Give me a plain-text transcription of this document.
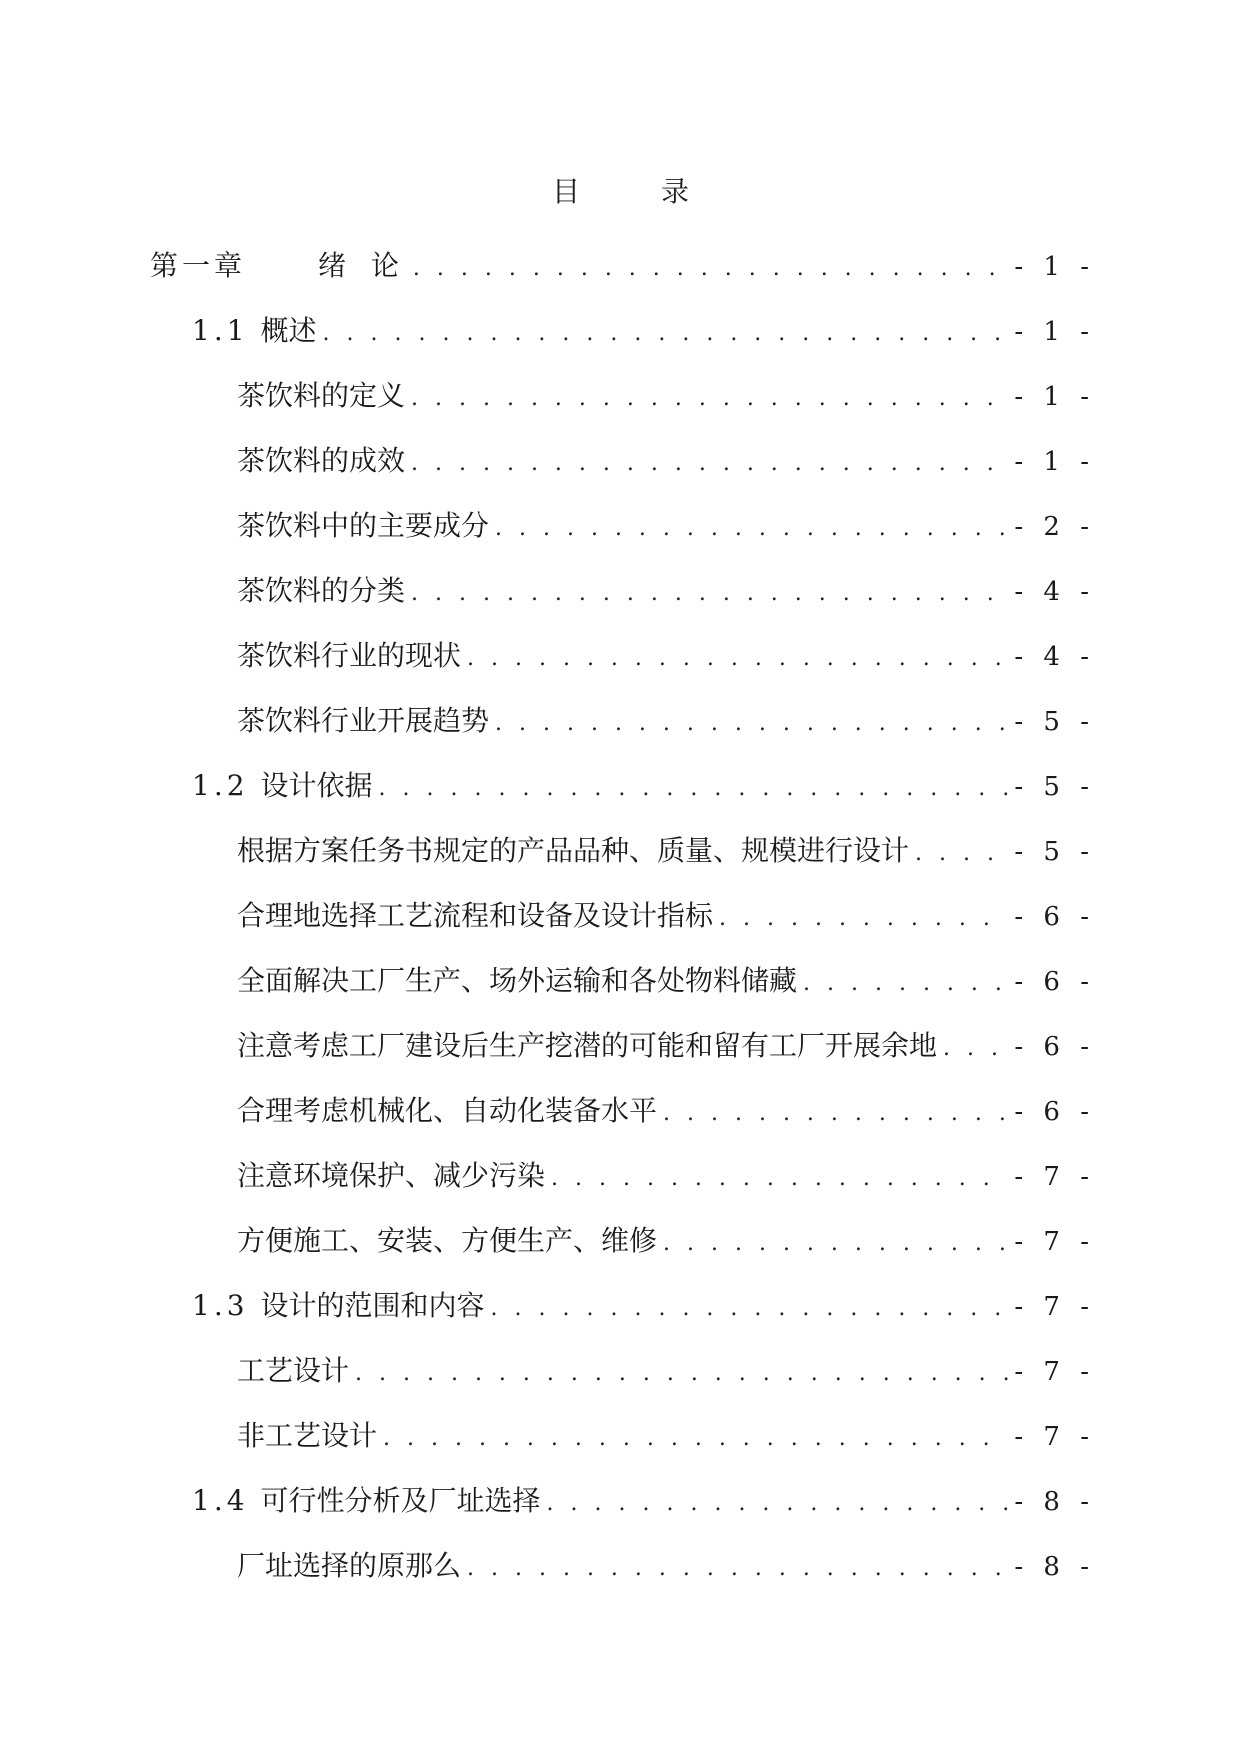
目 录
第一章	绪 论 . . .	- 1 -
1.1 概述 . . .	- 1 -
茶饮料的定义 . . .	- 1 -
茶饮料的成效 . . .	- 1 -
茶饮料中的主要成分 . . .	- 2 -
茶饮料的分类 . . .	- 4 -
茶饮料行业的现状 . . .	- 4 -
茶饮料行业开展趋势 . . .	- 5 -
1.2 设计依据 . . .	- 5 -
根据方案任务书规定的产品品种、质量、规模进行设计 . . .	- 5 -
合理地选择工艺流程和设备及设计指标 . . .	- 6 -
全面解决工厂生产、场外运输和各处物料储藏 . . .	- 6 -
注意考虑工厂建设后生产挖潜的可能和留有工厂开展余地 . . .	- 6 -
合理考虑机械化、自动化装备水平 . . .	- 6 -
注意环境保护、减少污染 . . .	- 7 -
方便施工、安装、方便生产、维修 . . .	- 7 -
1.3 设计的范围和内容 . . .	- 7 -
工艺设计 . . .	- 7 -
非工艺设计 . . .	- 7 -
1.4 可行性分析及厂址选择 . . .	- 8 -
厂址选择的原那么 . . .	- 8 -
